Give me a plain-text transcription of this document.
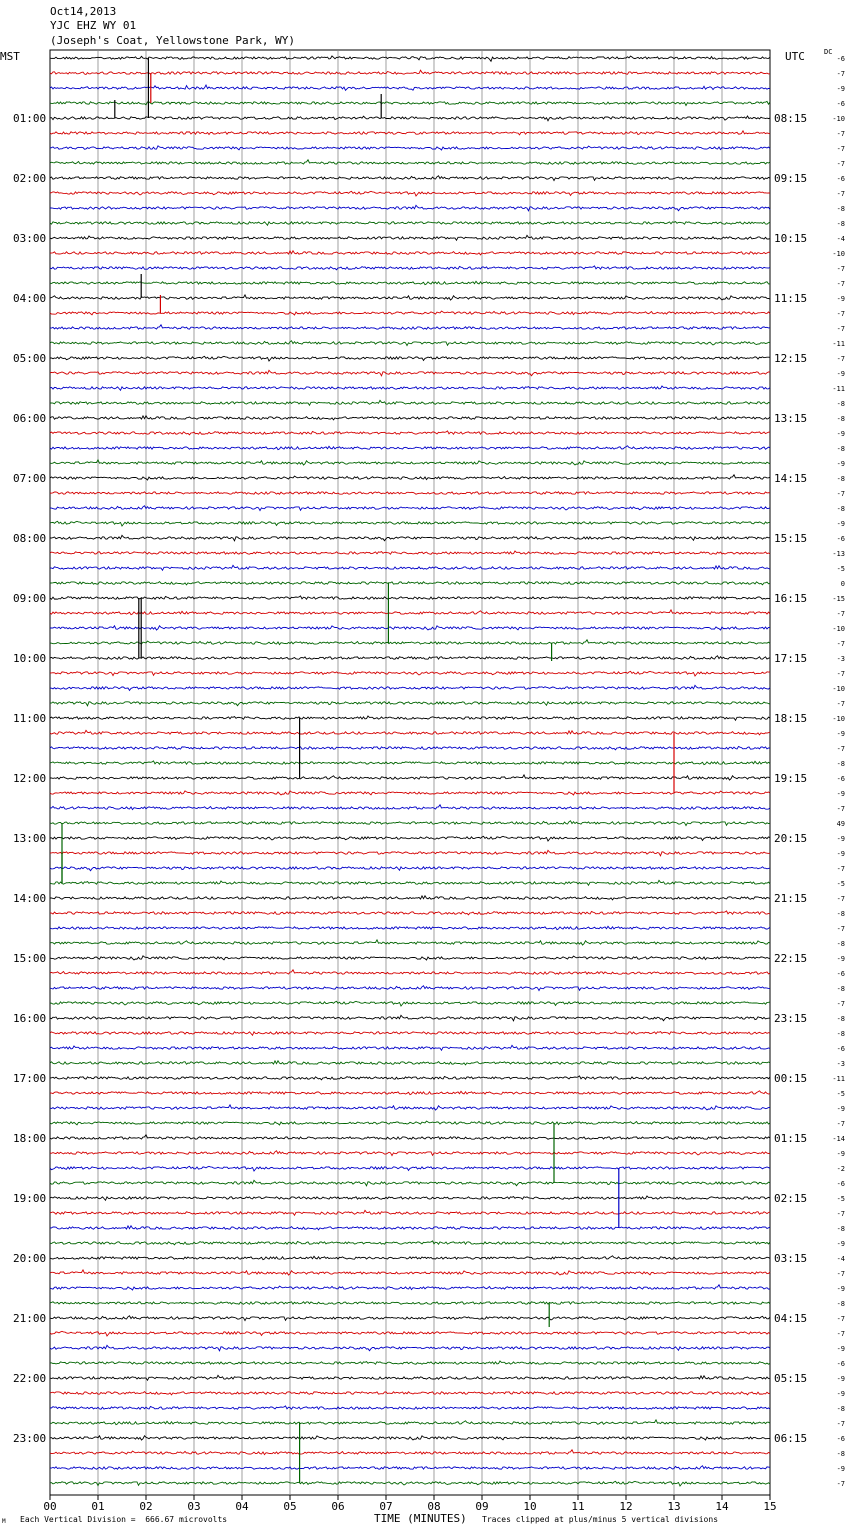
Oct14,2013
YJC EHZ WY 01
(Joseph's Coat, Yellowstone Park, WY)
MST	UTC	DC
M Each Vertical Division =  666.67 microvolts	TIME (MINUTES) Traces clipped at plus/minus 5 vertical divisions
00	01	02	03	04	05	06	07	08	09	10	11	12	13	14	15
-6
-7
-9
-6
-10
-7
-7
-7
-6
-7
-8
-8
-4
-10
-7
-7
-9
-7
-7
-11
-7
-9
-11
-8
-8
-9
-8
-9
-8
-7
-8
-9
-6
-13
-5
0
-15
-7
-10
-7
-3
-7
-10
-7
-10
-9
-7
-8
-6
-9
-7
49
-9
-9
-7
-5
-7
-8
-7
-8
-9
-6
-8
-7
-8
-8
-6
-3
-11
-5
-9
-7
-14
-9
-2
-6
-5
-7
-8
-9
-4
-7
-9
-8
-7
-7
-9
-6
-9
-9
-8
-7
-6
-8
-9
-7
01:00	08:15
02:00	09:15
03:00	10:15
04:00	11:15
05:00	12:15
06:00	13:15
07:00	14:15
08:00	15:15
09:00	16:15
10:00	17:15
11:00	18:15
12:00	19:15
13:00	20:15
14:00	21:15
15:00	22:15
16:00	23:15
17:00	00:15
18:00	01:15
19:00	02:15
20:00	03:15
21:00	04:15
22:00	05:15
23:00	06:15
